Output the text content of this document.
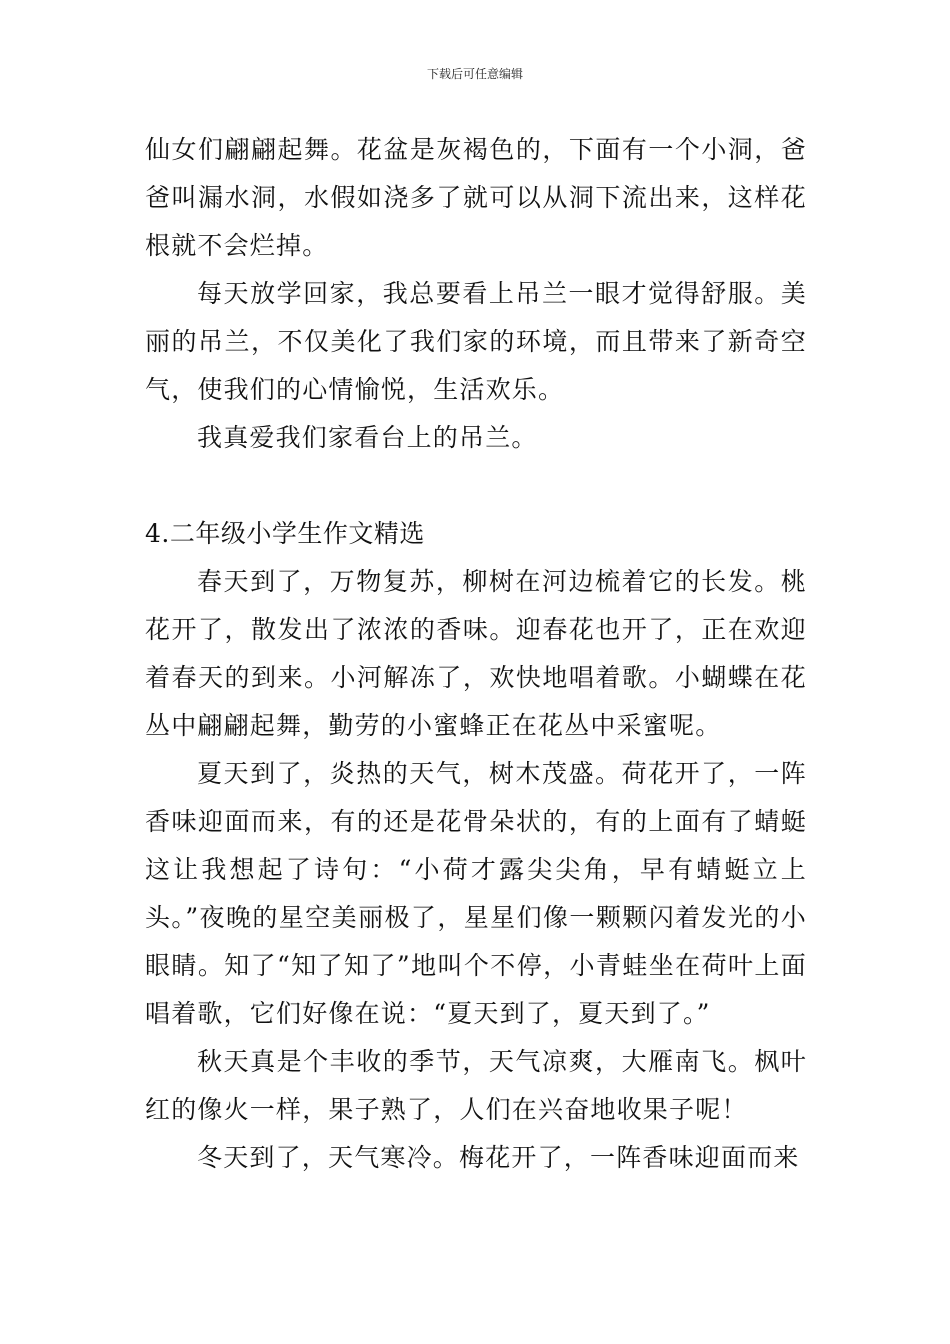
下载后可任意编辑

仙女们翩翩起舞。花盆是灰褐色的，下面有一个小洞，爸爸叫漏水洞，水假如浇多了就可以从洞下流出来，这样花根就不会烂掉。

每天放学回家，我总要看上吊兰一眼才觉得舒服。美丽的吊兰，不仅美化了我们家的环境，而且带来了新奇空气，使我们的心情愉悦，生活欢乐。

我真爱我们家看台上的吊兰。

4.二年级小学生作文精选

春天到了，万物复苏，柳树在河边梳着它的长发。桃花开了，散发出了浓浓的香味。迎春花也开了，正在欢迎着春天的到来。小河解冻了，欢快地唱着歌。小蝴蝶在花丛中翩翩起舞，勤劳的小蜜蜂正在花丛中采蜜呢。

夏天到了，炎热的天气，树木茂盛。荷花开了，一阵香味迎面而来，有的还是花骨朵状的，有的上面有了蜻蜓这让我想起了诗句：“小荷才露尖尖角，早有蜻蜓立上头。”夜晚的星空美丽极了，星星们像一颗颗闪着发光的小眼睛。知了“知了知了”地叫个不停，小青蛙坐在荷叶上面唱着歌，它们好像在说：“夏天到了，夏天到了。”

秋天真是个丰收的季节，天气凉爽，大雁南飞。枫叶红的像火一样，果子熟了，人们在兴奋地收果子呢！

冬天到了，天气寒冷。梅花开了，一阵香味迎面而来
